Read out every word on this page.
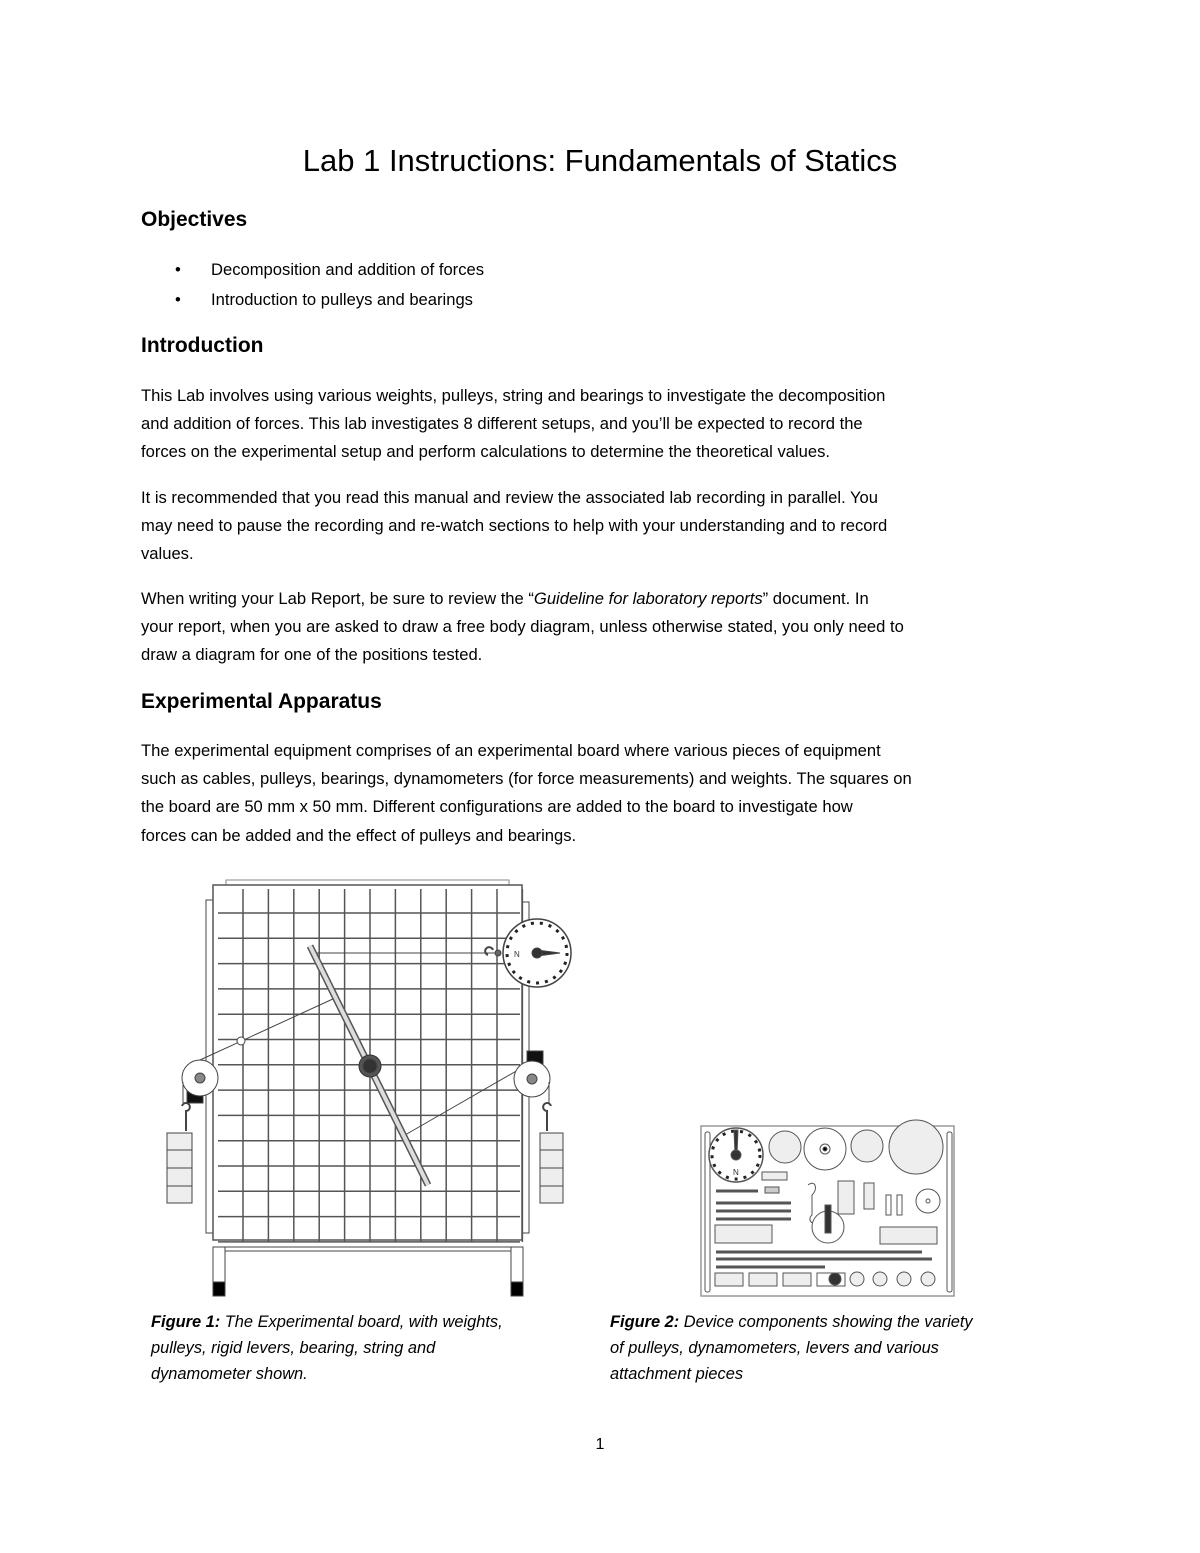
Lab 1 Instructions: Fundamentals of Statics
Objectives
• Decomposition and addition of forces
• Introduction to pulleys and bearings
Introduction
This Lab involves using various weights, pulleys, string and bearings to investigate the decomposition
and addition of forces. This lab investigates 8 different setups, and you’ll be expected to record the
forces on the experimental setup and perform calculations to determine the theoretical values.
It is recommended that you read this manual and review the associated lab recording in parallel. You
may need to pause the recording and re-watch sections to help with your understanding and to record
values.
When writing your Lab Report, be sure to review the “Guideline for laboratory reports” document. In
your report, when you are asked to draw a free body diagram, unless otherwise stated, you only need to
draw a diagram for one of the positions tested.
Experimental Apparatus
The experimental equipment comprises of an experimental board where various pieces of equipment
such as cables, pulleys, bearings, dynamometers (for force measurements) and weights. The squares on
the board are 50 mm x 50 mm. Different configurations are added to the board to investigate how
forces can be added and the effect of pulleys and bearings.
N
N
Figure 1: The Experimental board, with weights,
pulleys, rigid levers, bearing, string and
dynamometer shown.
Figure 2: Device components showing the variety
of pulleys, dynamometers, levers and various
attachment pieces
1
